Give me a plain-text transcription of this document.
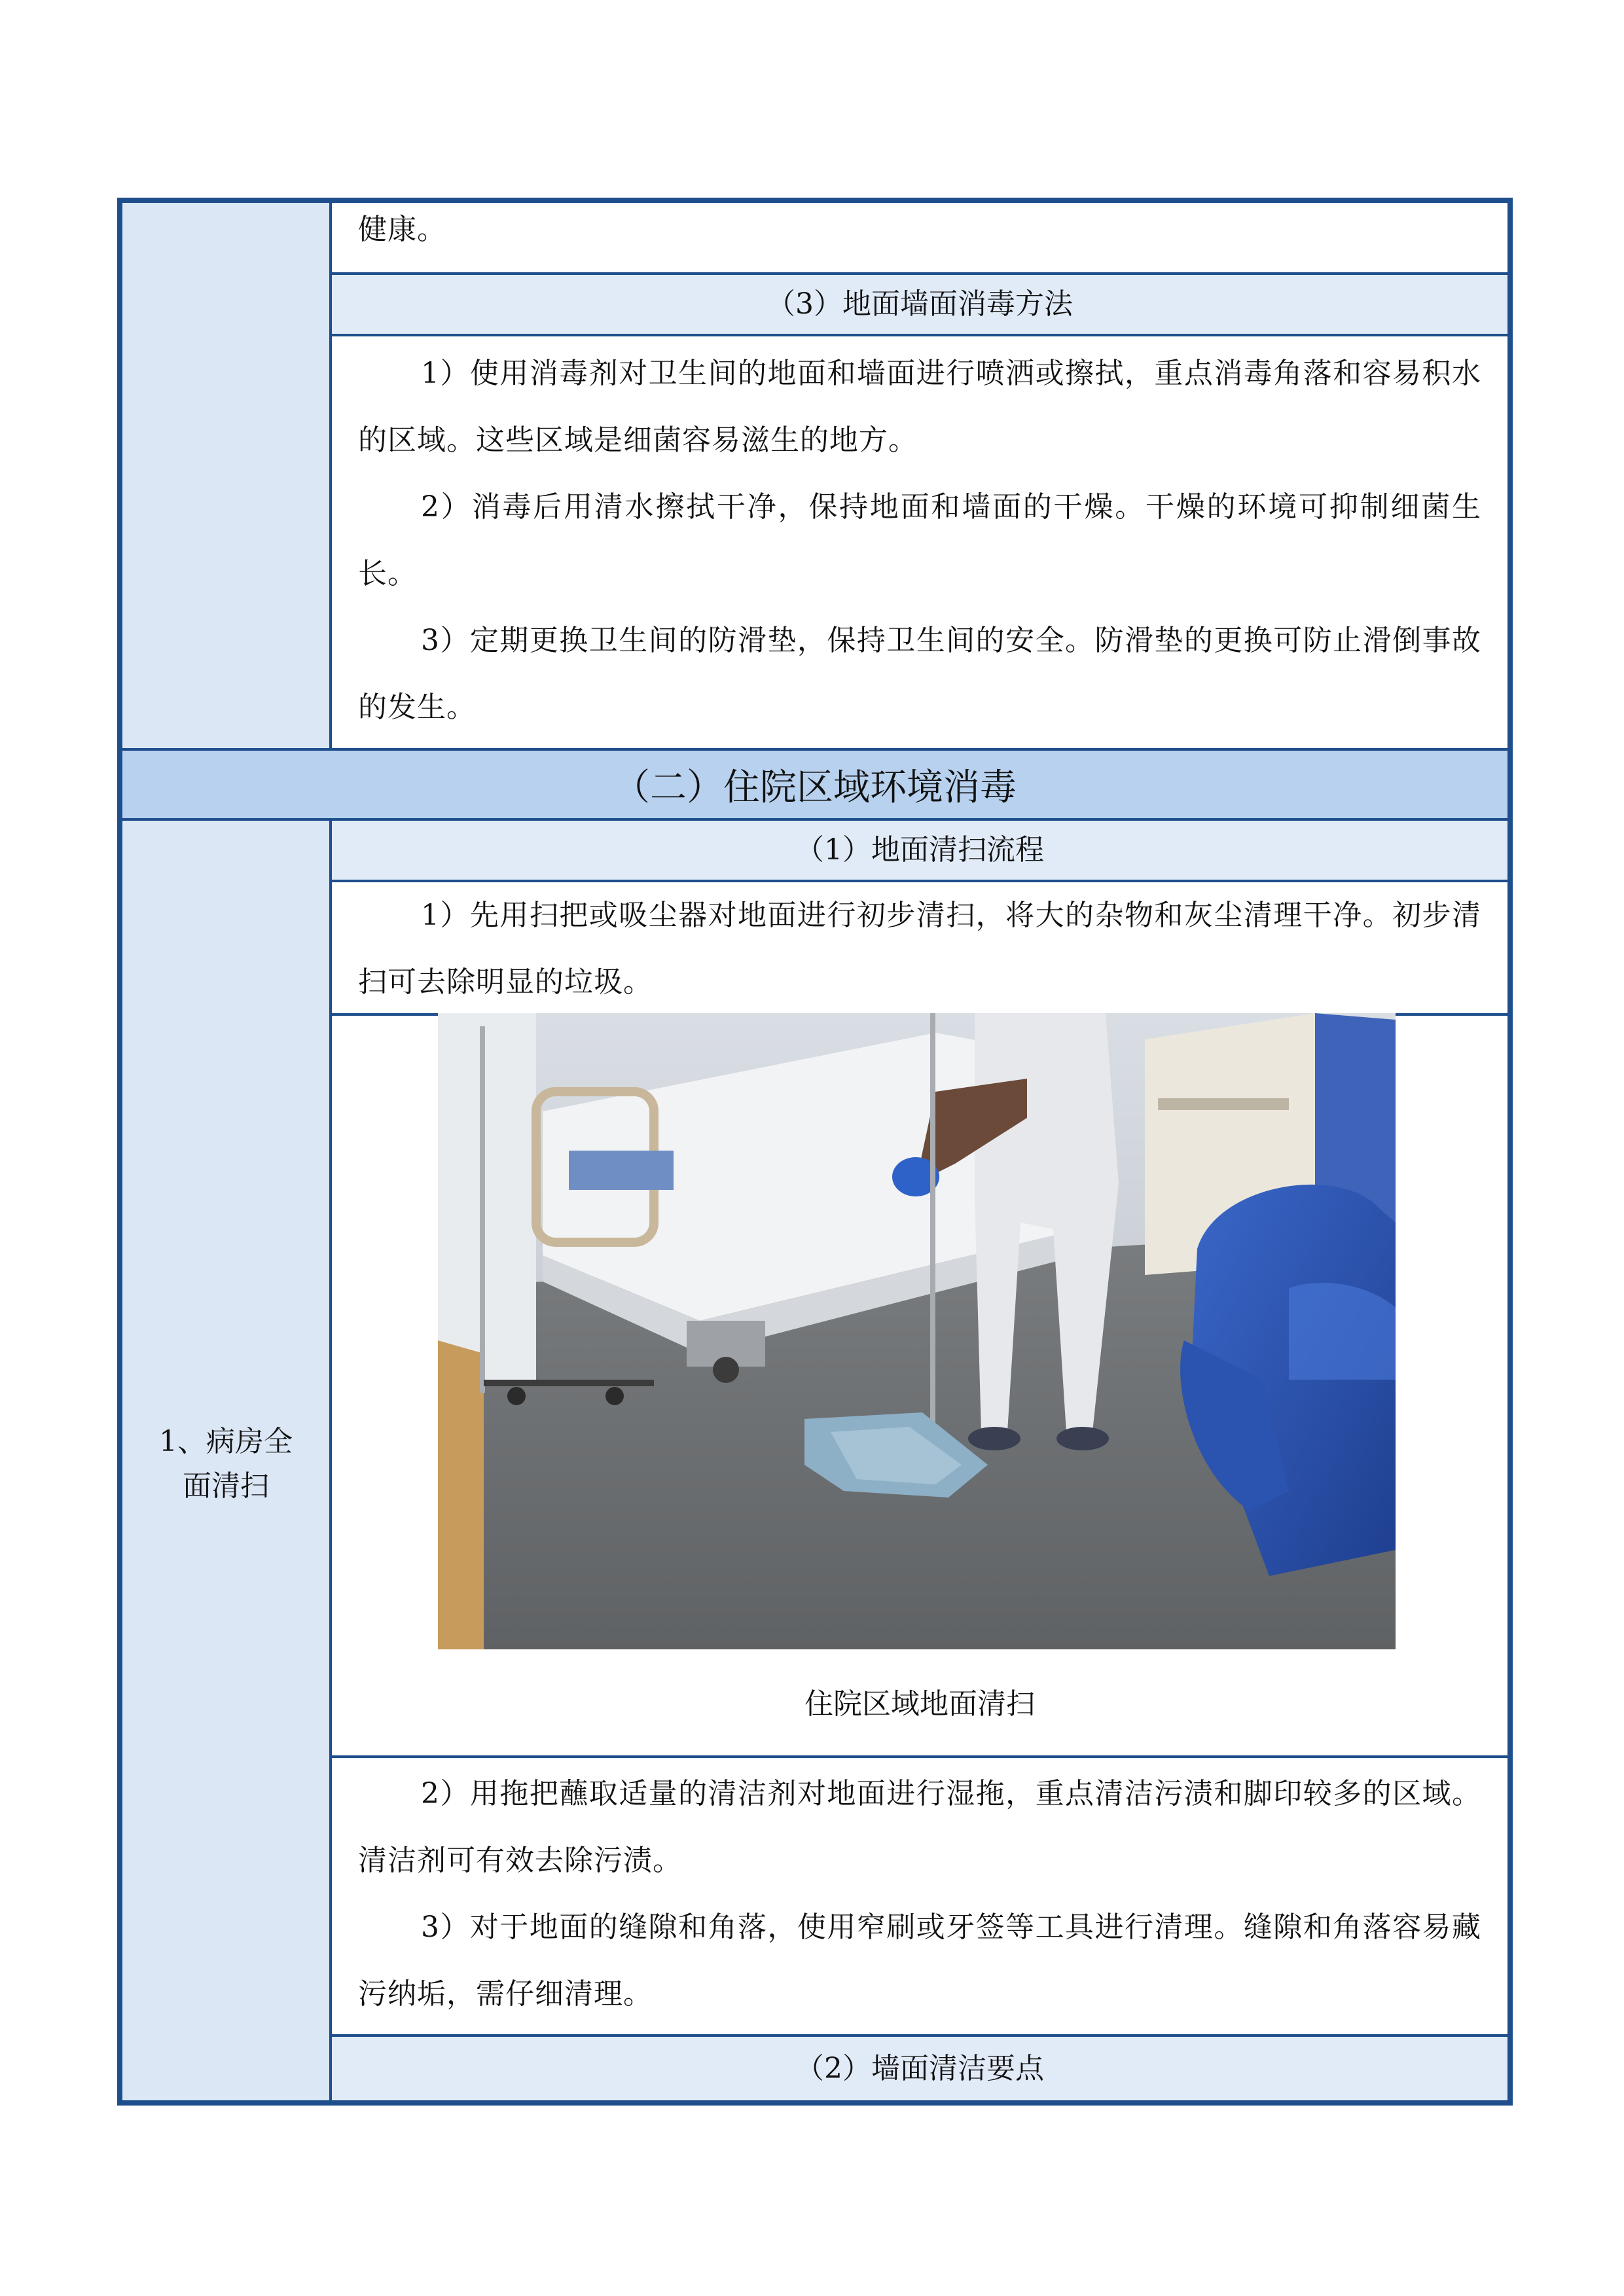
健康。

（3）地面墙面消毒方法

1）使用消毒剂对卫生间的地面和墙面进行喷洒或擦拭，重点消毒角落和容易积水的区域。这些区域是细菌容易滋生的地方。

2）消毒后用清水擦拭干净，保持地面和墙面的干燥。干燥的环境可抑制细菌生长。

3）定期更换卫生间的防滑垫，保持卫生间的安全。防滑垫的更换可防止滑倒事故的发生。

（二）住院区域环境消毒
1、病房全面清扫
（1）地面清扫流程

1）先用扫把或吸尘器对地面进行初步清扫，将大的杂物和灰尘清理干净。初步清扫可去除明显的垃圾。

住院区域地面清扫

2）用拖把蘸取适量的清洁剂对地面进行湿拖，重点清洁污渍和脚印较多的区域。清洁剂可有效去除污渍。

3）对于地面的缝隙和角落，使用窄刷或牙签等工具进行清理。缝隙和角落容易藏污纳垢，需仔细清理。

（2）墙面清洁要点
